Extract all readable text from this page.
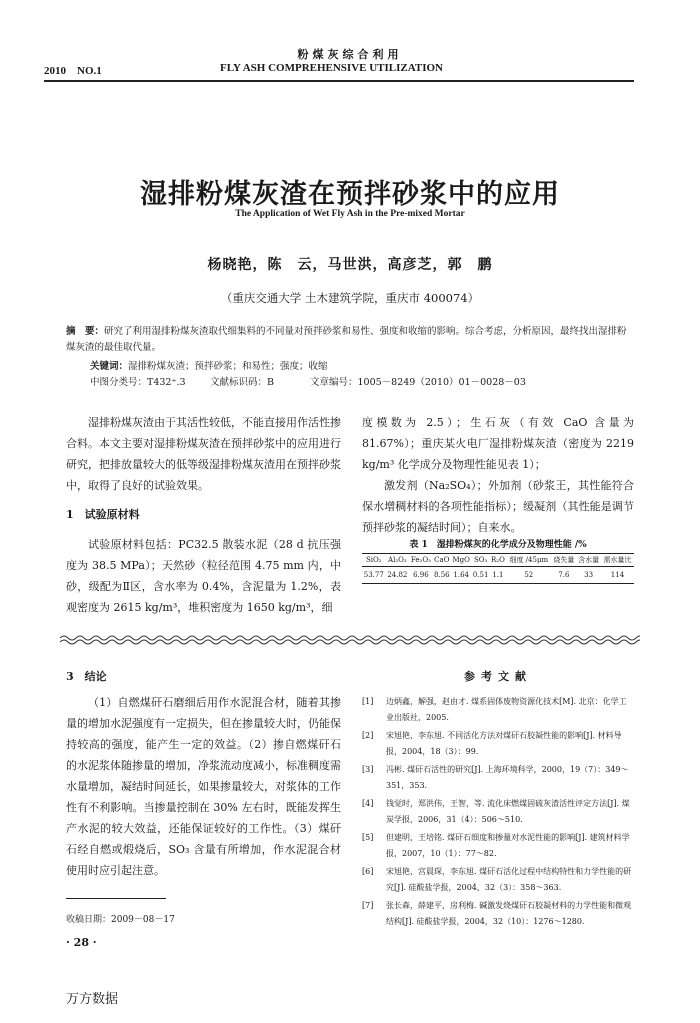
粉煤灰综合利用
2010　NO.1	FLY ASH COMPREHENSIVE UTILIZATION
湿排粉煤灰渣在预拌砂浆中的应用
The Application of Wet Fly Ash in the Pre-mixed Mortar
杨晓艳，陈　云，马世洪，高彦芝，郭　鹏
（重庆交通大学 土木建筑学院，重庆市 400074）
摘　要：研究了利用湿排粉煤灰渣取代细集料的不同量对预拌砂浆和易性、强度和收缩的影响。综合考虑，分析原因，最终找出湿排粉煤灰渣的最佳取代量。
关键词：湿排粉煤灰渣；预拌砂浆；和易性；强度；收缩
中图分类号：T432⁺.3	文献标识码：B	文章编号：1005－8249（2010）01－0028－03
湿排粉煤灰渣由于其活性较低，不能直接用作活性掺合料。本文主要对湿排粉煤灰渣在预拌砂浆中的应用进行研究，把排放量较大的低等级湿排粉煤灰渣用在预拌砂浆中，取得了良好的试验效果。
1　试验原材料
试验原材料包括：PC32.5 散装水泥（28 d 抗压强度为 38.5 MPa）；天然砂（粒径范围 4.75 mm 内，中砂，级配为Ⅱ区，含水率为 0.4%，含泥量为 1.2%，表观密度为 2615 kg/m³，堆积密度为 1650 kg/m³，细
度模数为 2.5）；生石灰（有效 CaO 含量为 81.67%）；重庆某火电厂湿排粉煤灰渣（密度为 2219 kg/m³ 化学成分及物理性能见表 1）；
激发剂（Na₂SO₄）；外加剂（砂浆王，其性能符合保水增稠材料的各项性能指标）；缓凝剂（其性能是调节预拌砂浆的凝结时间）；自来水。
表 1　湿排粉煤灰的化学成分及物理性能 /%
SiO₂	Al₂O₃	Fe₂O₃	CaO	MgO	SO₃	R₂O	细度 /45μm	烧失量	含水量	需水量比
53.77	24.82	6.96	8.56	1.64	0.51	1.1	52	7.6	33	114
3　结论
（1）自燃煤矸石磨细后用作水泥混合材，随着其掺量的增加水泥强度有一定损失，但在掺量较大时，仍能保持较高的强度，能产生一定的效益。（2）掺自燃煤矸石的水泥浆体随掺量的增加，净浆流动度减小，标准稠度需水量增加，凝结时间延长，如果掺量较大，对浆体的工作性有不利影响。当掺量控制在 30% 左右时，既能发挥生产水泥的较大效益，还能保证较好的工作性。（3）煤矸石经自燃或煅烧后，SO₃ 含量有所增加，作水泥混合材使用时应引起注意。
参考文献
[1]	边炳鑫，解强，赵由才. 煤系固体废物资源化技术[M]. 北京：化学工业出版社，2005.
[2]	宋旭艳，李东旭. 不同活化方法对煤矸石胶凝性能的影响[J]. 材料导报，2004，18（3）：99.
[3]	冯彬. 煤矸石活性的研究[J]. 上海环境科学，2000，19（7）：349～351，353.
[4]	钱觉时，郑洪伟，王智，等. 流化床燃煤固硫灰渣活性评定方法[J]. 煤炭学报，2006，31（4）：506～510.
[5]	但建明，王培铭. 煤矸石细度和掺量对水泥性能的影响[J]. 建筑材料学报，2007，10（1）：77～82.
[6]	宋旭艳，宫晨琛，李东旭. 煤矸石活化过程中结构特性和力学性能的研究[J]. 硅酸盐学报，2004，32（3）：358～363.
[7]	张长森，薛建平，房利梅. 碱激发烧煤矸石胶凝材料的力学性能和微观结构[J]. 硅酸盐学报，2004，32（10）：1276～1280.
收稿日期：2009－08－17
· 28 ·
万方数据
